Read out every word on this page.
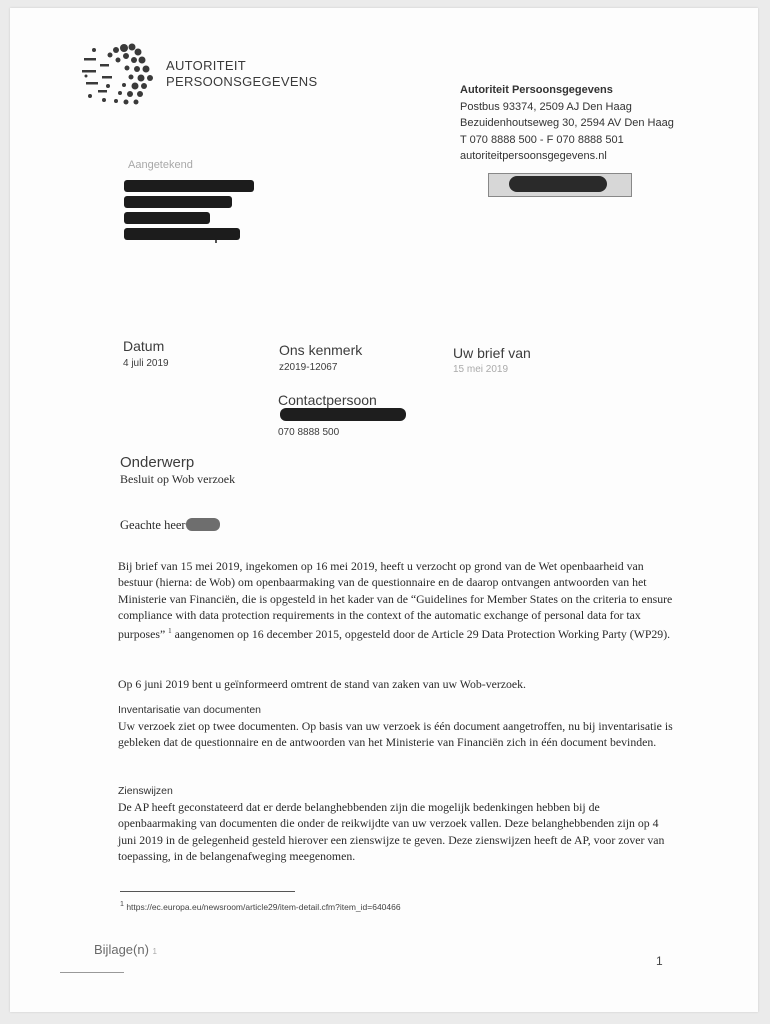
AUTORITEIT
PERSOONSGEGEVENS
Autoriteit Persoonsgegevens
Postbus 93374, 2509 AJ Den Haag
Bezuidenhoutseweg 30, 2594 AV Den Haag
T 070 8888 500 - F 070 8888 501
autoriteitpersoonsgegevens.nl
Aangetekend
Datum
4 juli 2019
Ons kenmerk
z2019-12067
Uw brief van
15 mei 2019
Contactpersoon
070 8888 500
Onderwerp
Besluit op Wob verzoek
Geachte heer
Bij brief van 15 mei 2019, ingekomen op 16 mei 2019, heeft u verzocht op grond van de Wet openbaarheid van bestuur (hierna: de Wob) om openbaarmaking van de questionnaire en de daarop ontvangen antwoorden van het Ministerie van Financiën, die is opgesteld in het kader van de “Guidelines for Member States on the criteria to ensure compliance with data protection requirements in the context of the automatic exchange of personal data for tax purposes” $^1$ aangenomen op 16 december 2015, opgesteld door de Article 29 Data Protection Working Party (WP29).
Op 6 juni 2019 bent u geïnformeerd omtrent de stand van zaken van uw Wob-verzoek.
Inventarisatie van documenten
Uw verzoek ziet op twee documenten. Op basis van uw verzoek is één document aangetroffen, nu bij inventarisatie is gebleken dat de questionnaire en de antwoorden van het Ministerie van Financiën zich in één document bevinden.
Zienswijzen
De AP heeft geconstateerd dat er derde belanghebbenden zijn die mogelijk bedenkingen hebben bij de openbaarmaking van documenten die onder de reikwijdte van uw verzoek vallen. Deze belanghebbenden zijn op 4 juni 2019 in de gelegenheid gesteld hierover een zienswijze te geven. Deze zienswijzen heeft de AP, voor zover van toepassing, in de belangenafweging meegenomen.
$^1$ https://ec.europa.eu/newsroom/article29/item-detail.cfm?item_id=640466
Bijlage(n) 1
1
